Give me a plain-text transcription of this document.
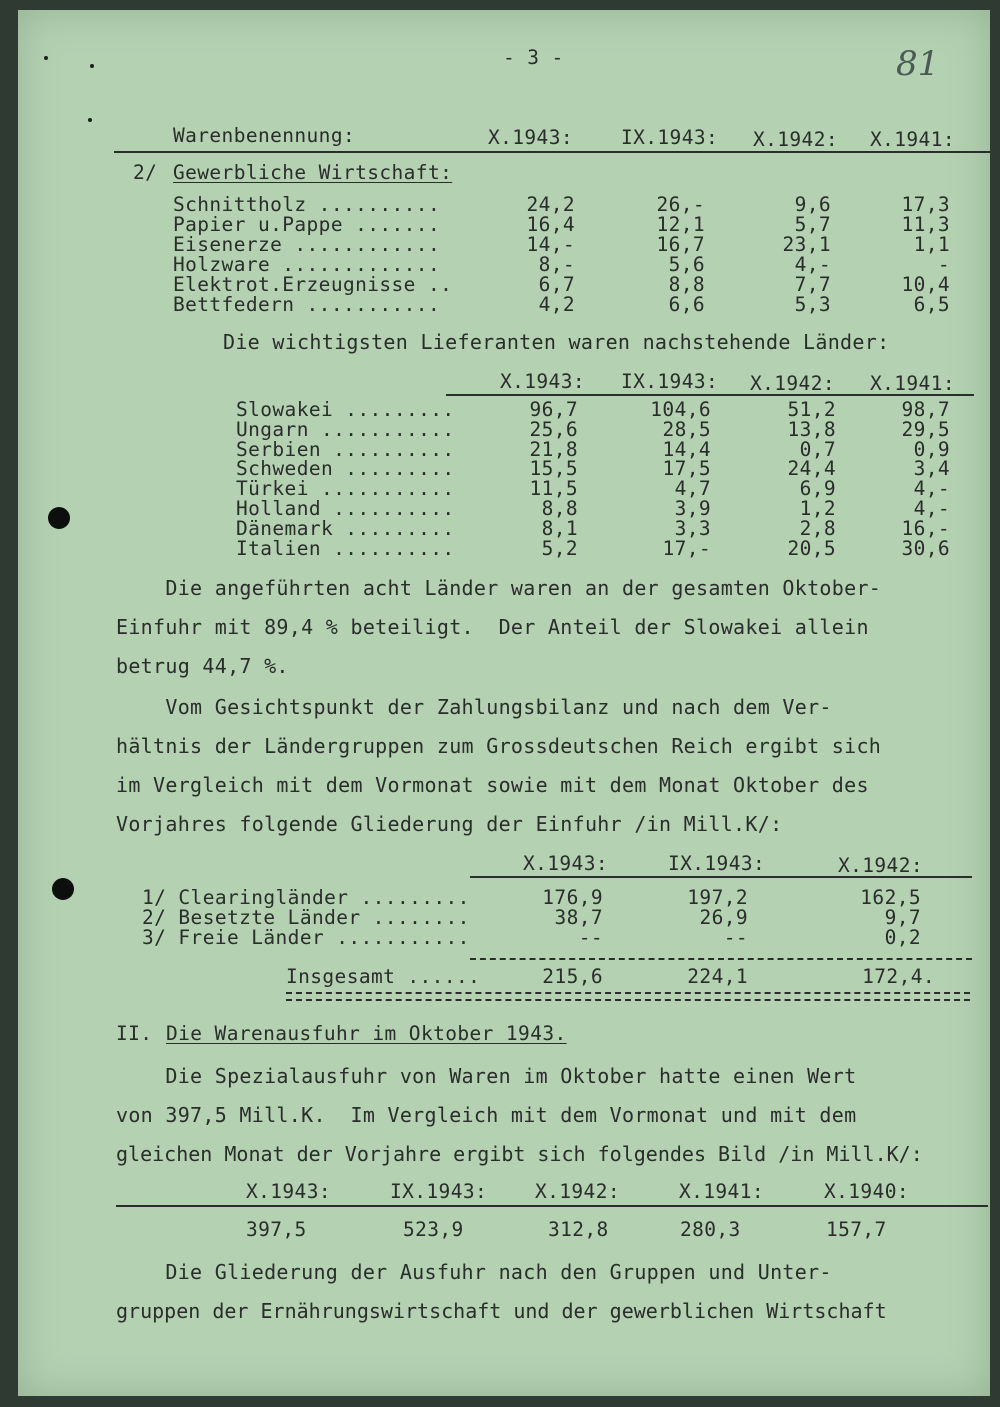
- 3 -	81
Warenbenennung:	X.1943: IX.1943: X.1942: X.1941:
2/ Gewerbliche Wirtschaft:
Schnittholz ..........	24,2	26,-	9,6	17,3
Papier u.Pappe .......	16,4	12,1	5,7	11,3
Eisenerze ............	14,-	16,7	23,1	1,1
Holzware .............	8,-	5,6	4,-	-
Elektrot.Erzeugnisse ..	6,7	8,8	7,7	10,4
Bettfedern ...........	4,2	6,6	5,3	6,5
Die wichtigsten Lieferanten waren nachstehende Länder:
X.1943: IX.1943: X.1942: X.1941:
Slowakei .........	96,7	104,6	51,2	98,7
Ungarn ...........	25,6	28,5	13,8	29,5
Serbien ..........	21,8	14,4	0,7	0,9
Schweden .........	15,5	17,5	24,4	3,4
Türkei ...........	11,5	4,7	6,9	4,-
Holland ..........	8,8	3,9	1,2	4,-
Dänemark .........	8,1	3,3	2,8	16,-
Italien ..........	5,2	17,-	20,5	30,6
Die angeführten acht Länder waren an der gesamten Oktober-
Einfuhr mit 89,4 % beteiligt.  Der Anteil der Slowakei allein
betrug 44,7 %.
Vom Gesichtspunkt der Zahlungsbilanz und nach dem Ver-
hältnis der Ländergruppen zum Grossdeutschen Reich ergibt sich
im Vergleich mit dem Vormonat sowie mit dem Monat Oktober des
Vorjahres folgende Gliederung der Einfuhr /in Mill.K/:
X.1943:	IX.1943:	X.1942:
1/ Clearingländer .........	176,9	197,2	162,5
2/ Besetzte Länder ........	38,7	26,9	9,7
3/ Freie Länder ...........	--	--	0,2
Insgesamt ......	215,6	224,1	172,4.
II. Die Warenausfuhr im Oktober 1943.
Die Spezialausfuhr von Waren im Oktober hatte einen Wert
von 397,5 Mill.K.  Im Vergleich mit dem Vormonat und mit dem
gleichen Monat der Vorjahre ergibt sich folgendes Bild /in Mill.K/:
X.1943:	IX.1943: X.1942:	X.1941:	X.1940:
397,5	523,9	312,8	280,3	157,7
Die Gliederung der Ausfuhr nach den Gruppen und Unter-
gruppen der Ernährungswirtschaft und der gewerblichen Wirtschaft
